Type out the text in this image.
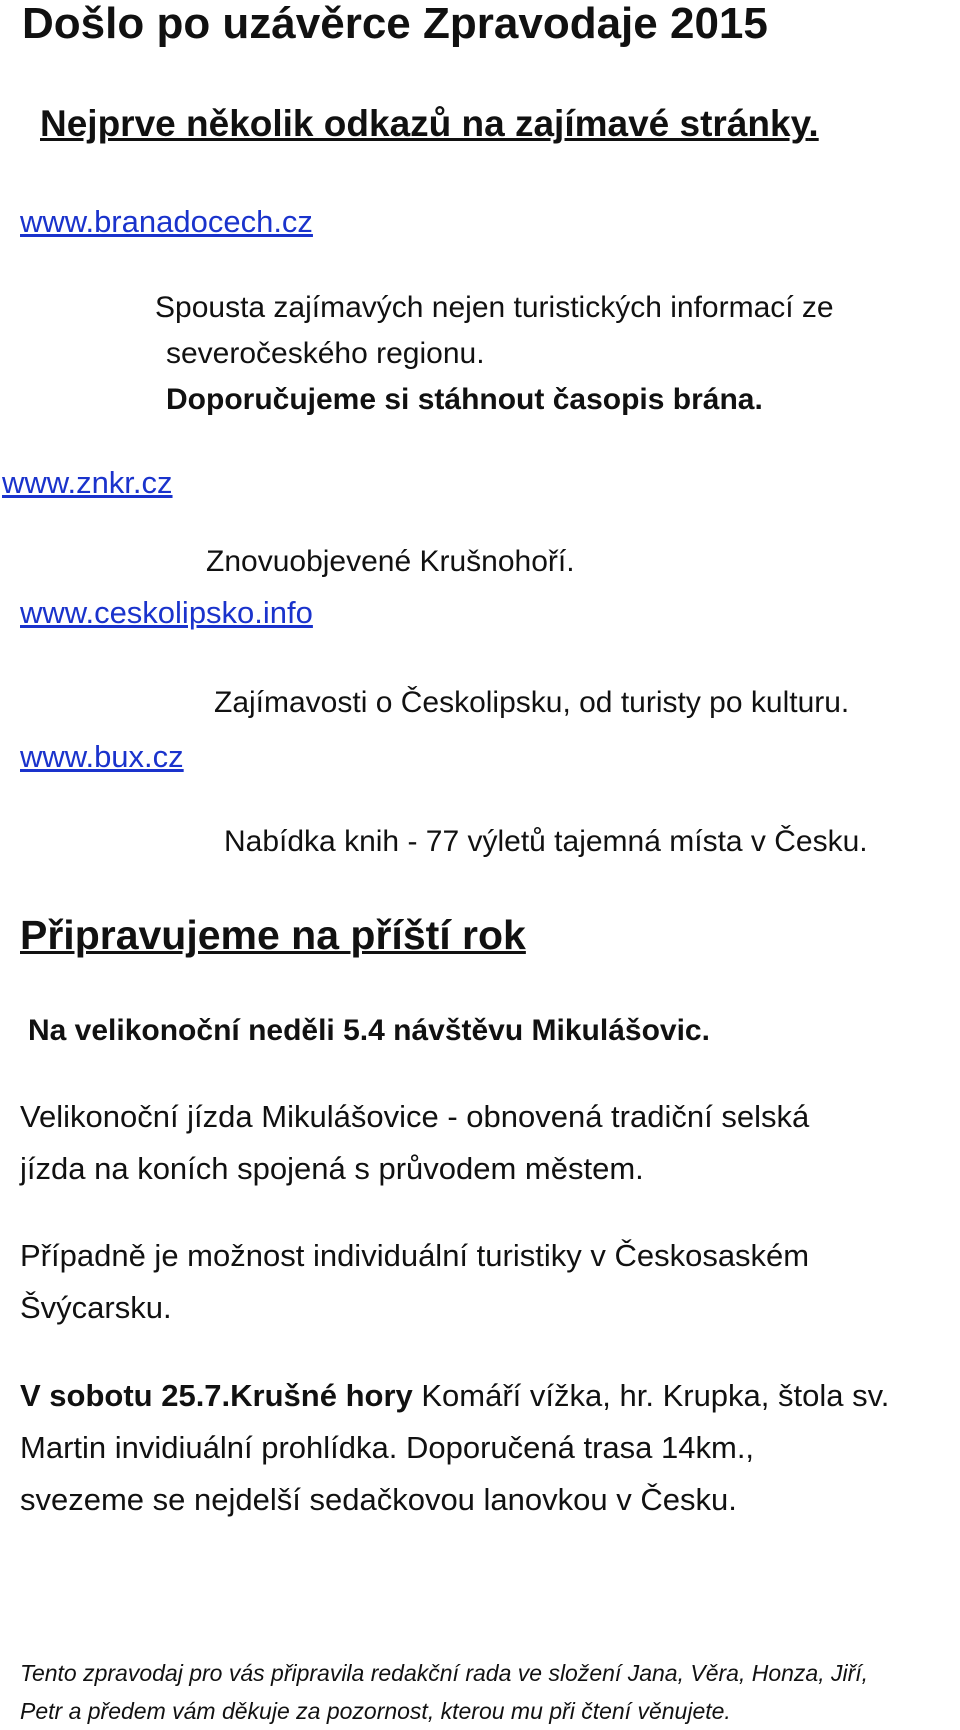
Došlo po uzávěrce Zpravodaje 2015
Nejprve několik odkazů na zajímavé stránky.
www.branadocech.cz
Spousta zajímavých nejen turistických informací ze
severočeského regionu.
Doporučujeme si stáhnout časopis brána.
www.znkr.cz
Znovuobjevené Krušnohoří.
www.ceskolipsko.info
Zajímavosti o Českolipsku, od turisty po kulturu.
www.bux.cz
Nabídka knih - 77 výletů tajemná místa v Česku.
Připravujeme na příští rok
Na velikonoční neděli 5.4 návštěvu Mikulášovic.
Velikonoční jízda Mikulášovice - obnovená tradiční selská
jízda na koních spojená s průvodem městem.
Případně je možnost individuální turistiky v Českosaském
Švýcarsku.
V sobotu 25.7.Krušné hory Komáří vížka, hr. Krupka, štola sv.
Martin invidiuální prohlídka. Doporučená trasa 14km.,
svezeme se nejdelší sedačkovou lanovkou v Česku.
Tento zpravodaj pro vás připravila redakční rada ve složení Jana, Věra, Honza, Jiří,
Petr a předem vám děkuje za pozornost, kterou mu při čtení věnujete.
